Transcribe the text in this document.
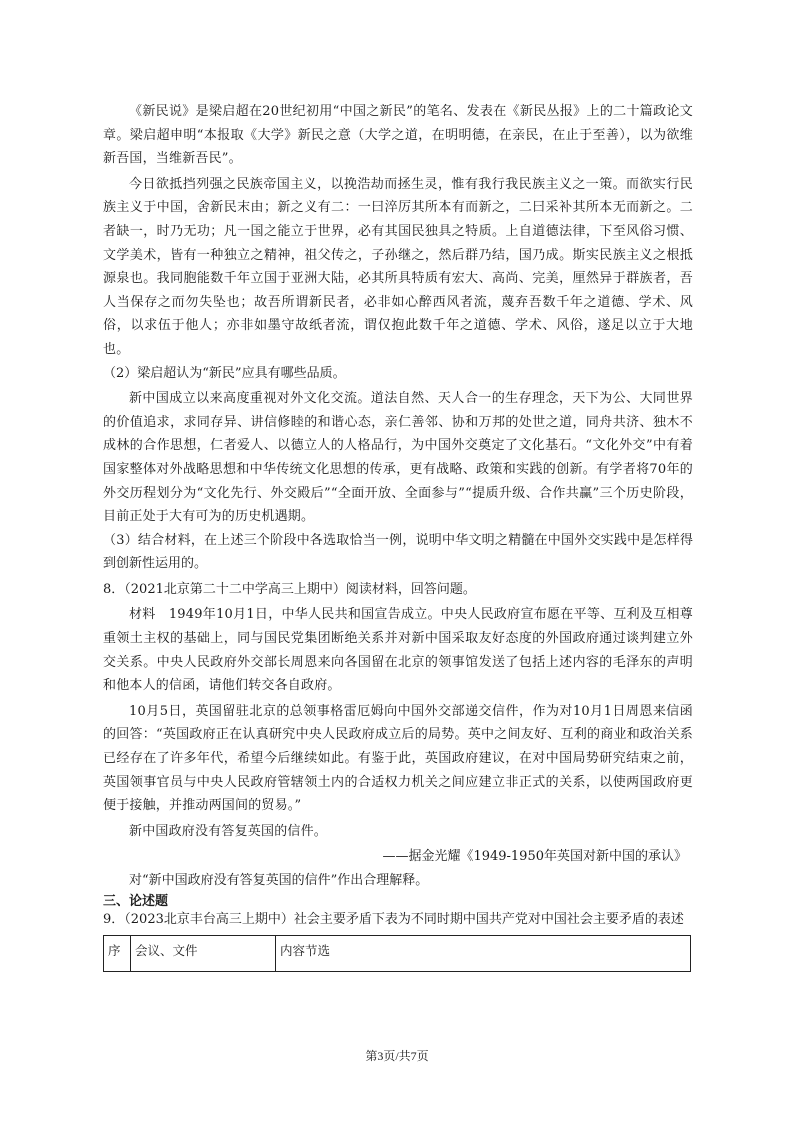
《新民说》是梁启超在20世纪初用“中国之新民”的笔名、发表在《新民丛报》上的二十篇政论文章。梁启超申明“本报取《大学》新民之意（大学之道，在明明德，在亲民，在止于至善），以为欲维新吾国，当维新吾民”。

今日欲抵挡列强之民族帝国主义，以挽浩劫而拯生灵，惟有我行我民族主义之一策。而欲实行民族主义于中国，舍新民末由；新之义有二：一曰淬厉其所本有而新之，二曰采补其所本无而新之。二者缺一，时乃无功；凡一国之能立于世界，必有其国民独具之特质。上自道德法律，下至风俗习惯、文学美术，皆有一种独立之精神，祖父传之，子孙继之，然后群乃结，国乃成。斯实民族主义之根抵源泉也。我同胞能数千年立国于亚洲大陆，必其所具特质有宏大、高尚、完美，厘然异于群族者，吾人当保存之而勿失坠也；故吾所谓新民者，必非如心醉西风者流，蔑弃吾数千年之道德、学术、风俗，以求伍于他人；亦非如墨守故纸者流，谓仅抱此数千年之道德、学术、风俗，遂足以立于大地也。

（2）梁启超认为“新民”应具有哪些品质。

新中国成立以来高度重视对外文化交流。道法自然、天人合一的生存理念，天下为公、大同世界的价值追求，求同存异、讲信修睦的和谐心态，亲仁善邻、协和万邦的处世之道，同舟共济、独木不成林的合作思想，仁者爱人、以德立人的人格品行，为中国外交奠定了文化基石。“文化外交”中有着国家整体对外战略思想和中华传统文化思想的传承，更有战略、政策和实践的创新。有学者将70年的外交历程划分为“文化先行、外交殿后”“全面开放、全面参与”“提质升级、合作共赢”三个历史阶段，目前正处于大有可为的历史机遇期。

（3）结合材料，在上述三个阶段中各选取恰当一例，说明中华文明之精髓在中国外交实践中是怎样得到创新性运用的。

8．（2021北京第二十二中学高三上期中）阅读材料，回答问题。

材料　1949年10月1日，中华人民共和国宣告成立。中央人民政府宣布愿在平等、互利及互相尊重领土主权的基础上，同与国民党集团断绝关系并对新中国采取友好态度的外国政府通过谈判建立外交关系。中央人民政府外交部长周恩来向各国留在北京的领事馆发送了包括上述内容的毛泽东的声明和他本人的信函，请他们转交各自政府。

10月5日，英国留驻北京的总领事格雷厄姆向中国外交部递交信件，作为对10月1日周恩来信函的回答：“英国政府正在认真研究中央人民政府成立后的局势。英中之间友好、互利的商业和政治关系已经存在了许多年代，希望今后继续如此。有鉴于此，英国政府建议，在对中国局势研究结束之前，英国领事官员与中央人民政府管辖领土内的合适权力机关之间应建立非正式的关系，以使两国政府更便于接触，并推动两国间的贸易。”

新中国政府没有答复英国的信件。

——据金光耀《1949-1950年英国对新中国的承认》

对“新中国政府没有答复英国的信件”作出合理解释。

三、论述题

9．（2023北京丰台高三上期中）社会主要矛盾下表为不同时期中国共产党对中国社会主要矛盾的表述

序	会议、文件	内容节选
第3页/共7页
